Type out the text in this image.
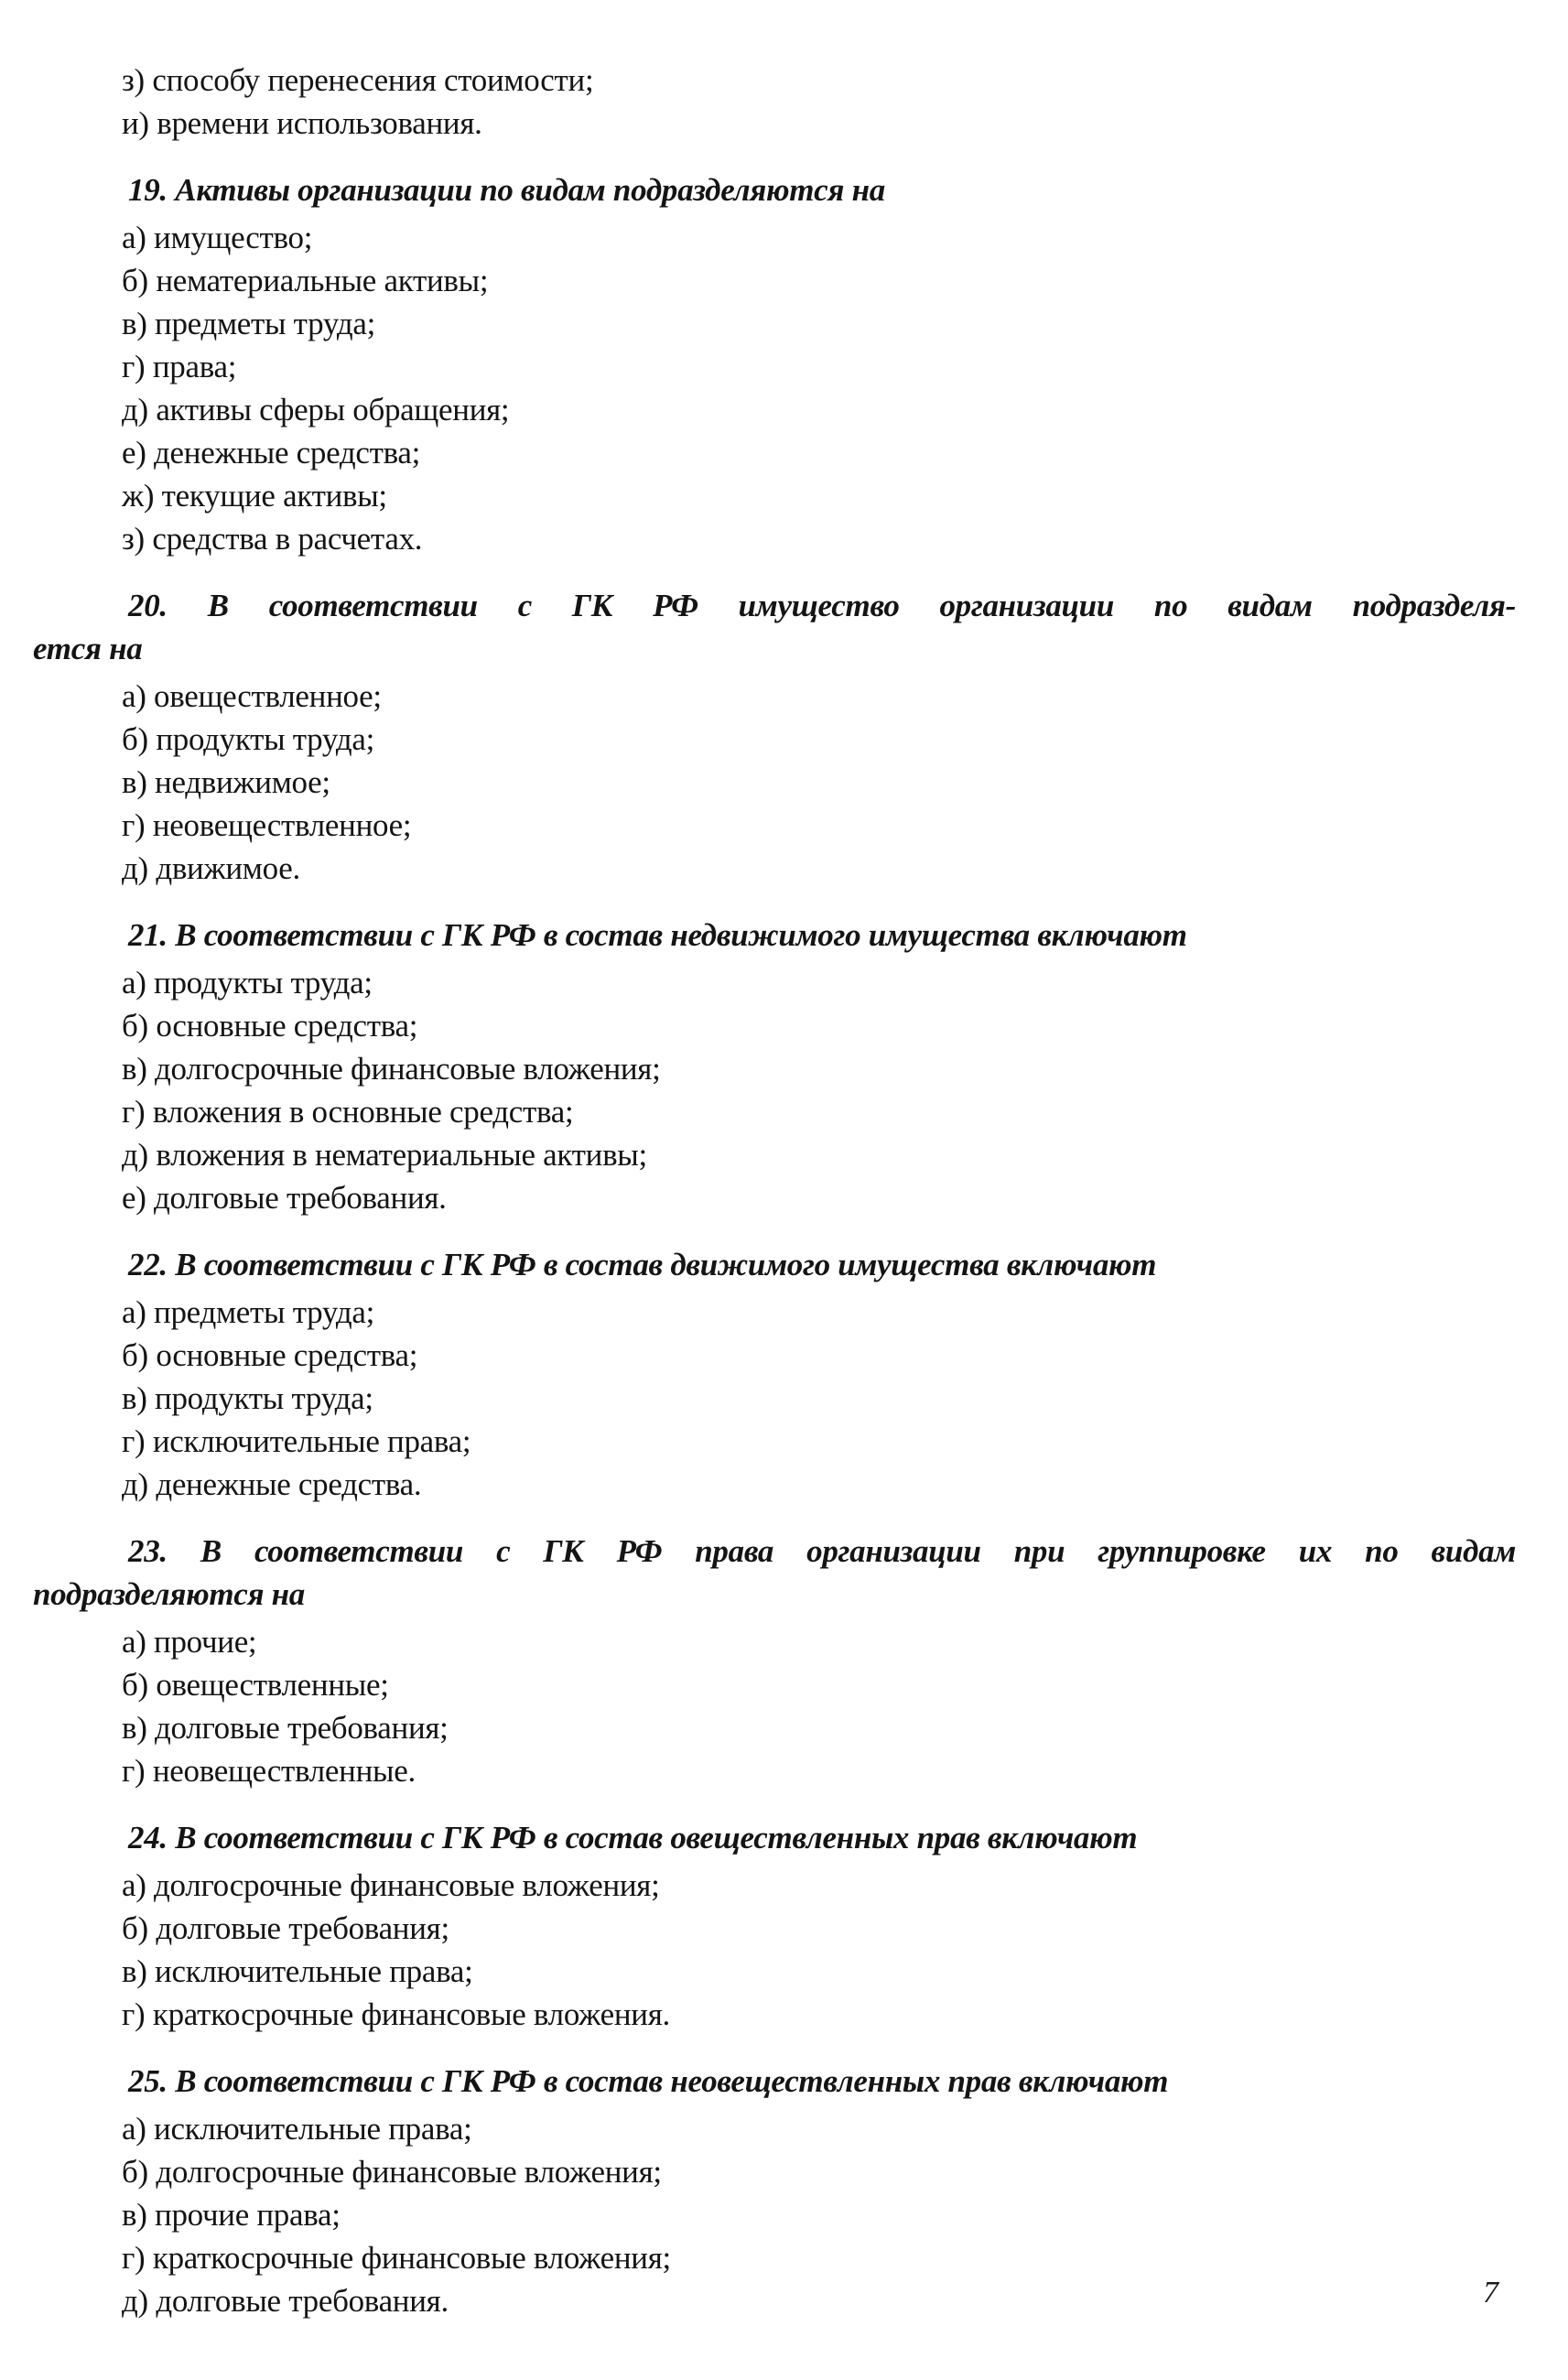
з) способу перенесения стоимости;
и) времени использования.
19. Активы организации по видам подразделяются на
а) имущество;
б) нематериальные активы;
в) предметы труда;
г) права;
д) активы сферы обращения;
е) денежные средства;
ж) текущие активы;
з) средства в расчетах.
20. В соответствии с ГК РФ имущество организации по видам подразделя-
ется на
а) овеществленное;
б) продукты труда;
в) недвижимое;
г) неовеществленное;
д) движимое.
21. В соответствии с ГК РФ в состав недвижимого имущества включают
а) продукты труда;
б) основные средства;
в) долгосрочные финансовые вложения;
г) вложения в основные средства;
д) вложения в нематериальные активы;
е) долговые требования.
22. В соответствии с ГК РФ в состав движимого имущества включают
а) предметы труда;
б) основные средства;
в) продукты труда;
г) исключительные права;
д) денежные средства.
23. В соответствии с ГК РФ права организации при группировке их по видам
подразделяются на
а) прочие;
б) овеществленные;
в) долговые требования;
г) неовеществленные.
24. В соответствии с ГК РФ в состав овеществленных прав включают
а) долгосрочные финансовые вложения;
б) долговые требования;
в) исключительные права;
г) краткосрочные финансовые вложения.
25. В соответствии с ГК РФ в состав неовеществленных прав включают
а) исключительные права;
б) долгосрочные финансовые вложения;
в) прочие права;
г) краткосрочные финансовые вложения;
д) долговые требования.	7
